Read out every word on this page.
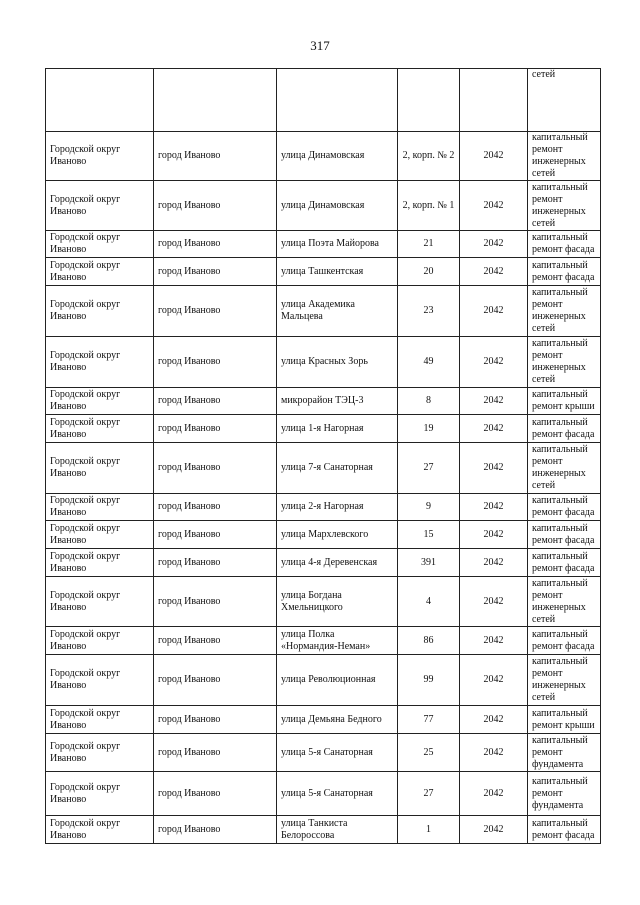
317
					сетей
Городской округ Иваново	город Иваново	улица Динамовская	2, корп. № 2	2042	капитальный ремонт инженерных сетей
Городской округ Иваново	город Иваново	улица Динамовская	2, корп. № 1	2042	капитальный ремонт инженерных сетей
Городской округ Иваново	город Иваново	улица Поэта Майорова	21	2042	капитальный ремонт фасада
Городской округ Иваново	город Иваново	улица Ташкентская	20	2042	капитальный ремонт фасада
Городской округ Иваново	город Иваново	улица Академика Мальцева	23	2042	капитальный ремонт инженерных сетей
Городской округ Иваново	город Иваново	улица Красных Зорь	49	2042	капитальный ремонт инженерных сетей
Городской округ Иваново	город Иваново	микрорайон ТЭЦ-3	8	2042	капитальный ремонт крыши
Городской округ Иваново	город Иваново	улица 1-я Нагорная	19	2042	капитальный ремонт фасада
Городской округ Иваново	город Иваново	улица 7-я Санаторная	27	2042	капитальный ремонт инженерных сетей
Городской округ Иваново	город Иваново	улица 2-я Нагорная	9	2042	капитальный ремонт фасада
Городской округ Иваново	город Иваново	улица Мархлевского	15	2042	капитальный ремонт фасада
Городской округ Иваново	город Иваново	улица 4-я Деревенская	391	2042	капитальный ремонт фасада
Городской округ Иваново	город Иваново	улица Богдана Хмельницкого	4	2042	капитальный ремонт инженерных сетей
Городской округ Иваново	город Иваново	улица Полка «Нормандия-Неман»	86	2042	капитальный ремонт фасада
Городской округ Иваново	город Иваново	улица Революционная	99	2042	капитальный ремонт инженерных сетей
Городской округ Иваново	город Иваново	улица Демьяна Бедного	77	2042	капитальный ремонт крыши
Городской округ Иваново	город Иваново	улица 5-я Санаторная	25	2042	капитальный ремонт фундамента
Городской округ Иваново	город Иваново	улица 5-я Санаторная	27	2042	капитальный ремонт фундамента
Городской округ Иваново	город Иваново	улица Танкиста Белороссова	1	2042	капитальный ремонт фасада
